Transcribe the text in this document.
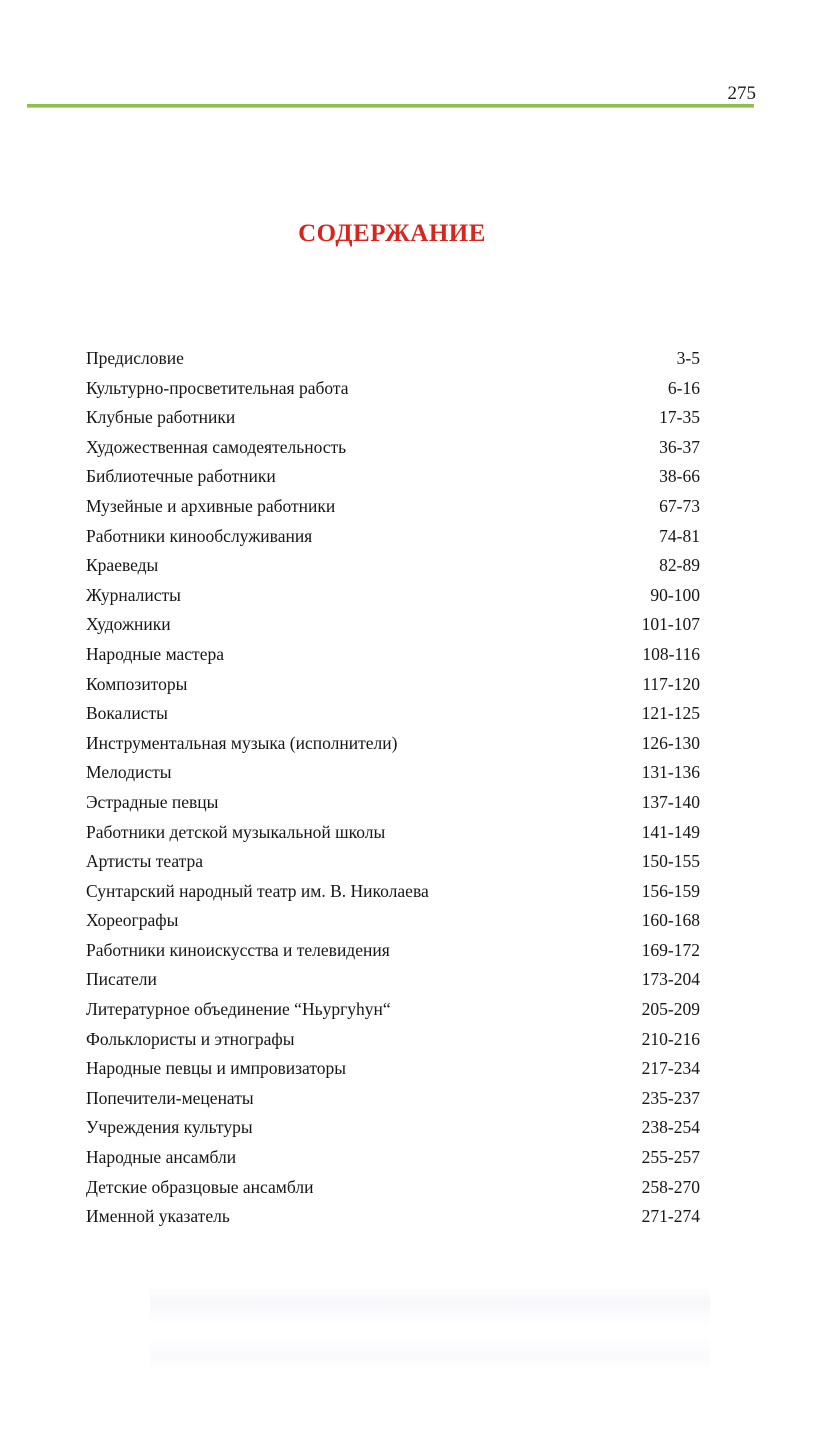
275
СОДЕРЖАНИЕ
Предисловие	3-5
Культурно-просветительная работа	6-16
Клубные работники	17-35
Художественная самодеятельность	36-37
Библиотечные работники	38-66
Музейные и архивные работники	67-73
Работники кинообслуживания	74-81
Краеведы	82-89
Журналисты	90-100
Художники	101-107
Народные мастера	108-116
Композиторы	117-120
Вокалисты	121-125
Инструментальная музыка (исполнители)	126-130
Мелодисты	131-136
Эстрадные певцы	137-140
Работники детской музыкальной школы	141-149
Артисты театра	150-155
Сунтарский народный театр им. В. Николаева	156-159
Хореографы	160-168
Работники киноискусства и телевидения	169-172
Писатели	173-204
Литературное объединение “Ньургуhун“	205-209
Фольклористы и этнографы	210-216
Народные певцы и импровизаторы	217-234
Попечители-меценаты	235-237
Учреждения культуры	238-254
Народные ансамбли	255-257
Детские образцовые ансамбли	258-270
Именной указатель	271-274
